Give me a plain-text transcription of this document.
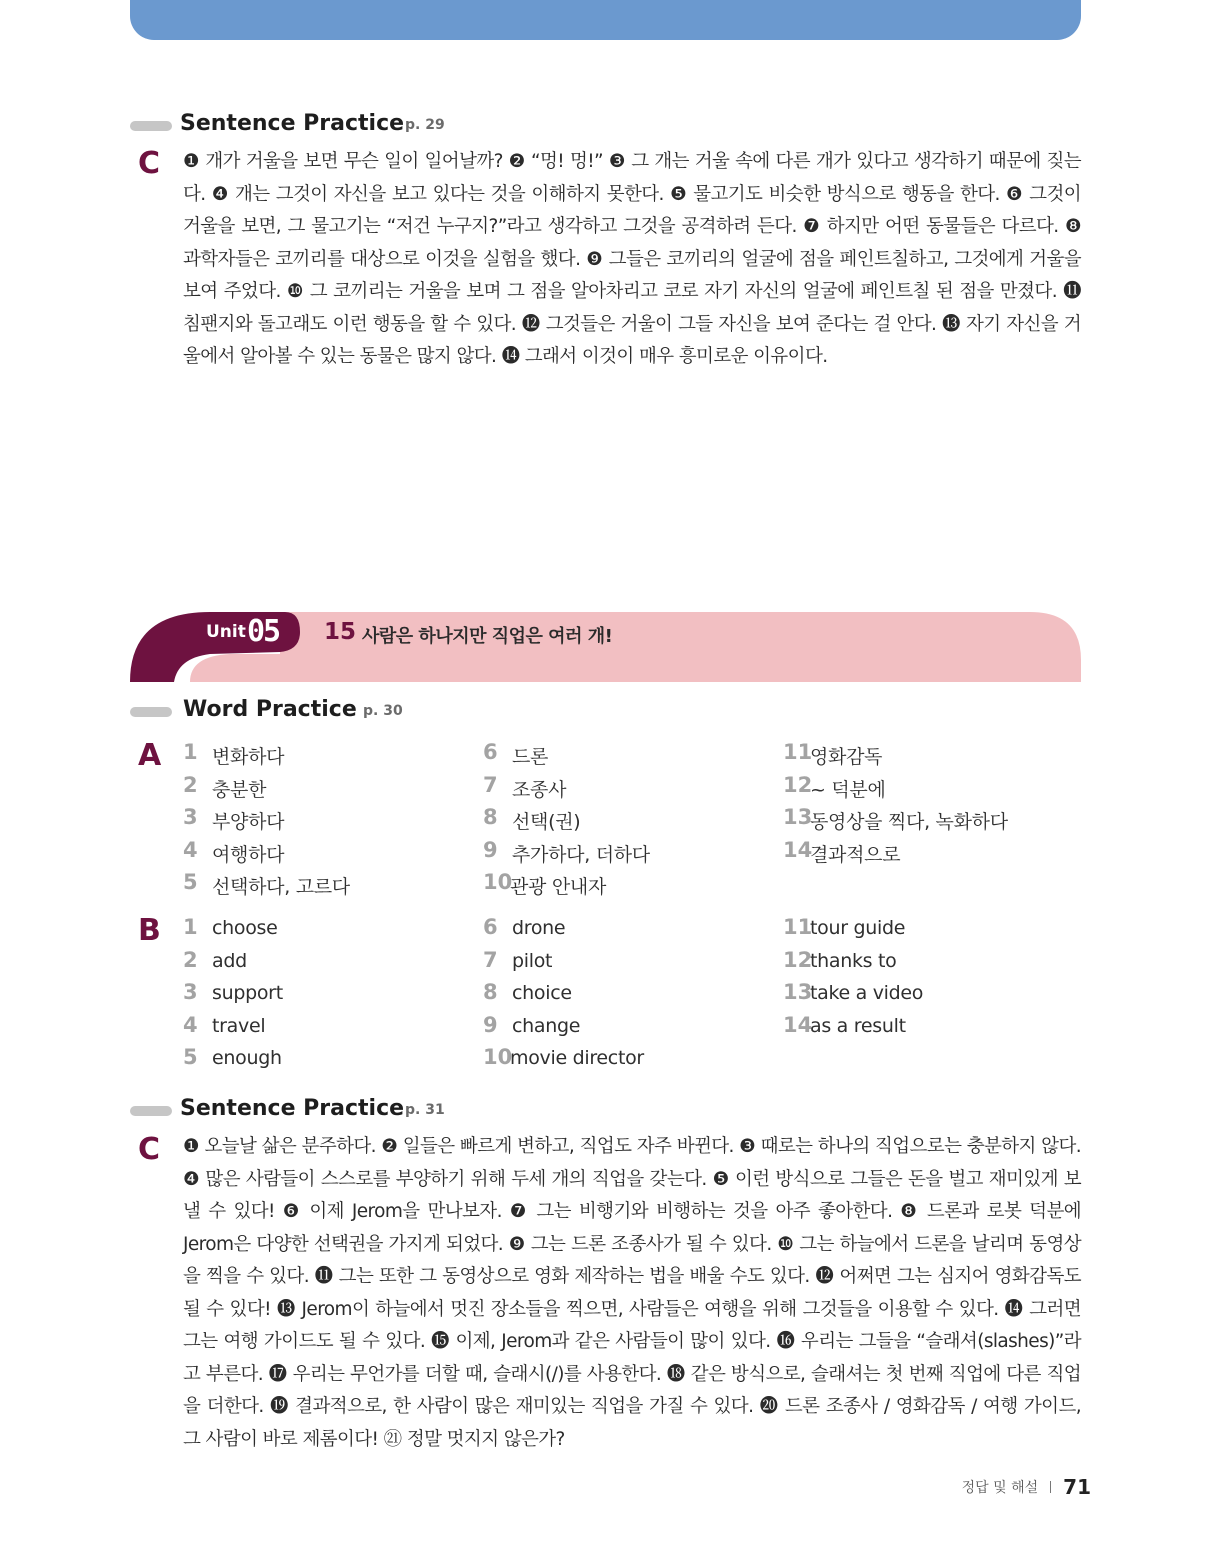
Sentence Practice p. 29
C ❶ 개가 거울을 보면 무슨 일이 일어날까? ❷ “멍! 멍!” ❸ 그 개는 거울 속에 다른 개가 있다고 생각하기 때문에 짖는다. ❹ 개는 그것이 자신을 보고 있다는 것을 이해하지 못한다. ❺ 물고기도 비슷한 방식으로 행동을 한다. ❻ 그것이 거울을 보면, 그 물고기는 “저건 누구지?”라고 생각하고 그것을 공격하려 든다. ❼ 하지만 어떤 동물들은 다르다. ❽ 과학자들은 코끼리를 대상으로 이것을 실험을 했다. ❾ 그들은 코끼리의 얼굴에 점을 페인트칠하고, 그것에게 거울을 보여 주었다. ❿ 그 코끼리는 거울을 보며 그 점을 알아차리고 코로 자기 자신의 얼굴에 페인트칠 된 점을 만졌다. ⓫ 침팬지와 돌고래도 이런 행동을 할 수 있다. ⓬ 그것들은 거울이 그들 자신을 보여 준다는 걸 안다. ⓭ 자기 자신을 거울에서 알아볼 수 있는 동물은 많지 않다. ⓮ 그래서 이것이 매우 흥미로운 이유이다.
Unit 05 15 사람은 하나지만 직업은 여러 개!
Word Practice p. 30
A 1 변화하다
2 충분한
3 부양하다
4 여행하다
5 선택하다, 고르다
6 드론
7 조종사
8 선택(권)
9 추가하다, 더하다
10
관광 안내자
11
영화감독
12
~ 덕분에
13
동영상을 찍다, 녹화하다
14
결과적으로
B 1 choose
2 add
3 support
4 travel
5 enough
6 drone
7 pilot
8 choice
9 change
10
movie director
11
tour guide
12
thanks to
13
take a video
14
as a result
Sentence Practice p. 31
C ❶ 오늘날 삶은 분주하다. ❷ 일들은 빠르게 변하고, 직업도 자주 바뀐다. ❸ 때로는 하나의 직업으로는 충분하지 않다. ❹ 많은 사람들이 스스로를 부양하기 위해 두세 개의 직업을 갖는다. ❺ 이런 방식으로 그들은 돈을 벌고 재미있게 보낼 수 있다! ❻ 이제 Jerom을 만나보자. ❼ 그는 비행기와 비행하는 것을 아주 좋아한다. ❽ 드론과 로봇 덕분에 Jerom은 다양한 선택권을 가지게 되었다. ❾ 그는 드론 조종사가 될 수 있다. ❿ 그는 하늘에서 드론을 날리며 동영상을 찍을 수 있다. ⓫ 그는 또한 그 동영상으로 영화 제작하는 법을 배울 수도 있다. ⓬ 어쩌면 그는 심지어 영화감독도 될 수 있다! ⓭ Jerom이 하늘에서 멋진 장소들을 찍으면, 사람들은 여행을 위해 그것들을 이용할 수 있다. ⓮ 그러면 그는 여행 가이드도 될 수 있다. ⓯ 이제, Jerom과 같은 사람들이 많이 있다. ⓰ 우리는 그들을 “슬래셔(slashes)”라고 부른다. ⓱ 우리는 무언가를 더할 때, 슬래시(/)를 사용한다. ⓲ 같은 방식으로, 슬래셔는 첫 번째 직업에 다른 직업을 더한다. ⓳ 결과적으로, 한 사람이 많은 재미있는 직업을 가질 수 있다. ⓴ 드론 조종사 / 영화감독 / 여행 가이드, 그 사람이 바로 제롬이다! ㉑ 정말 멋지지 않은가?
정답 및 해설 71
